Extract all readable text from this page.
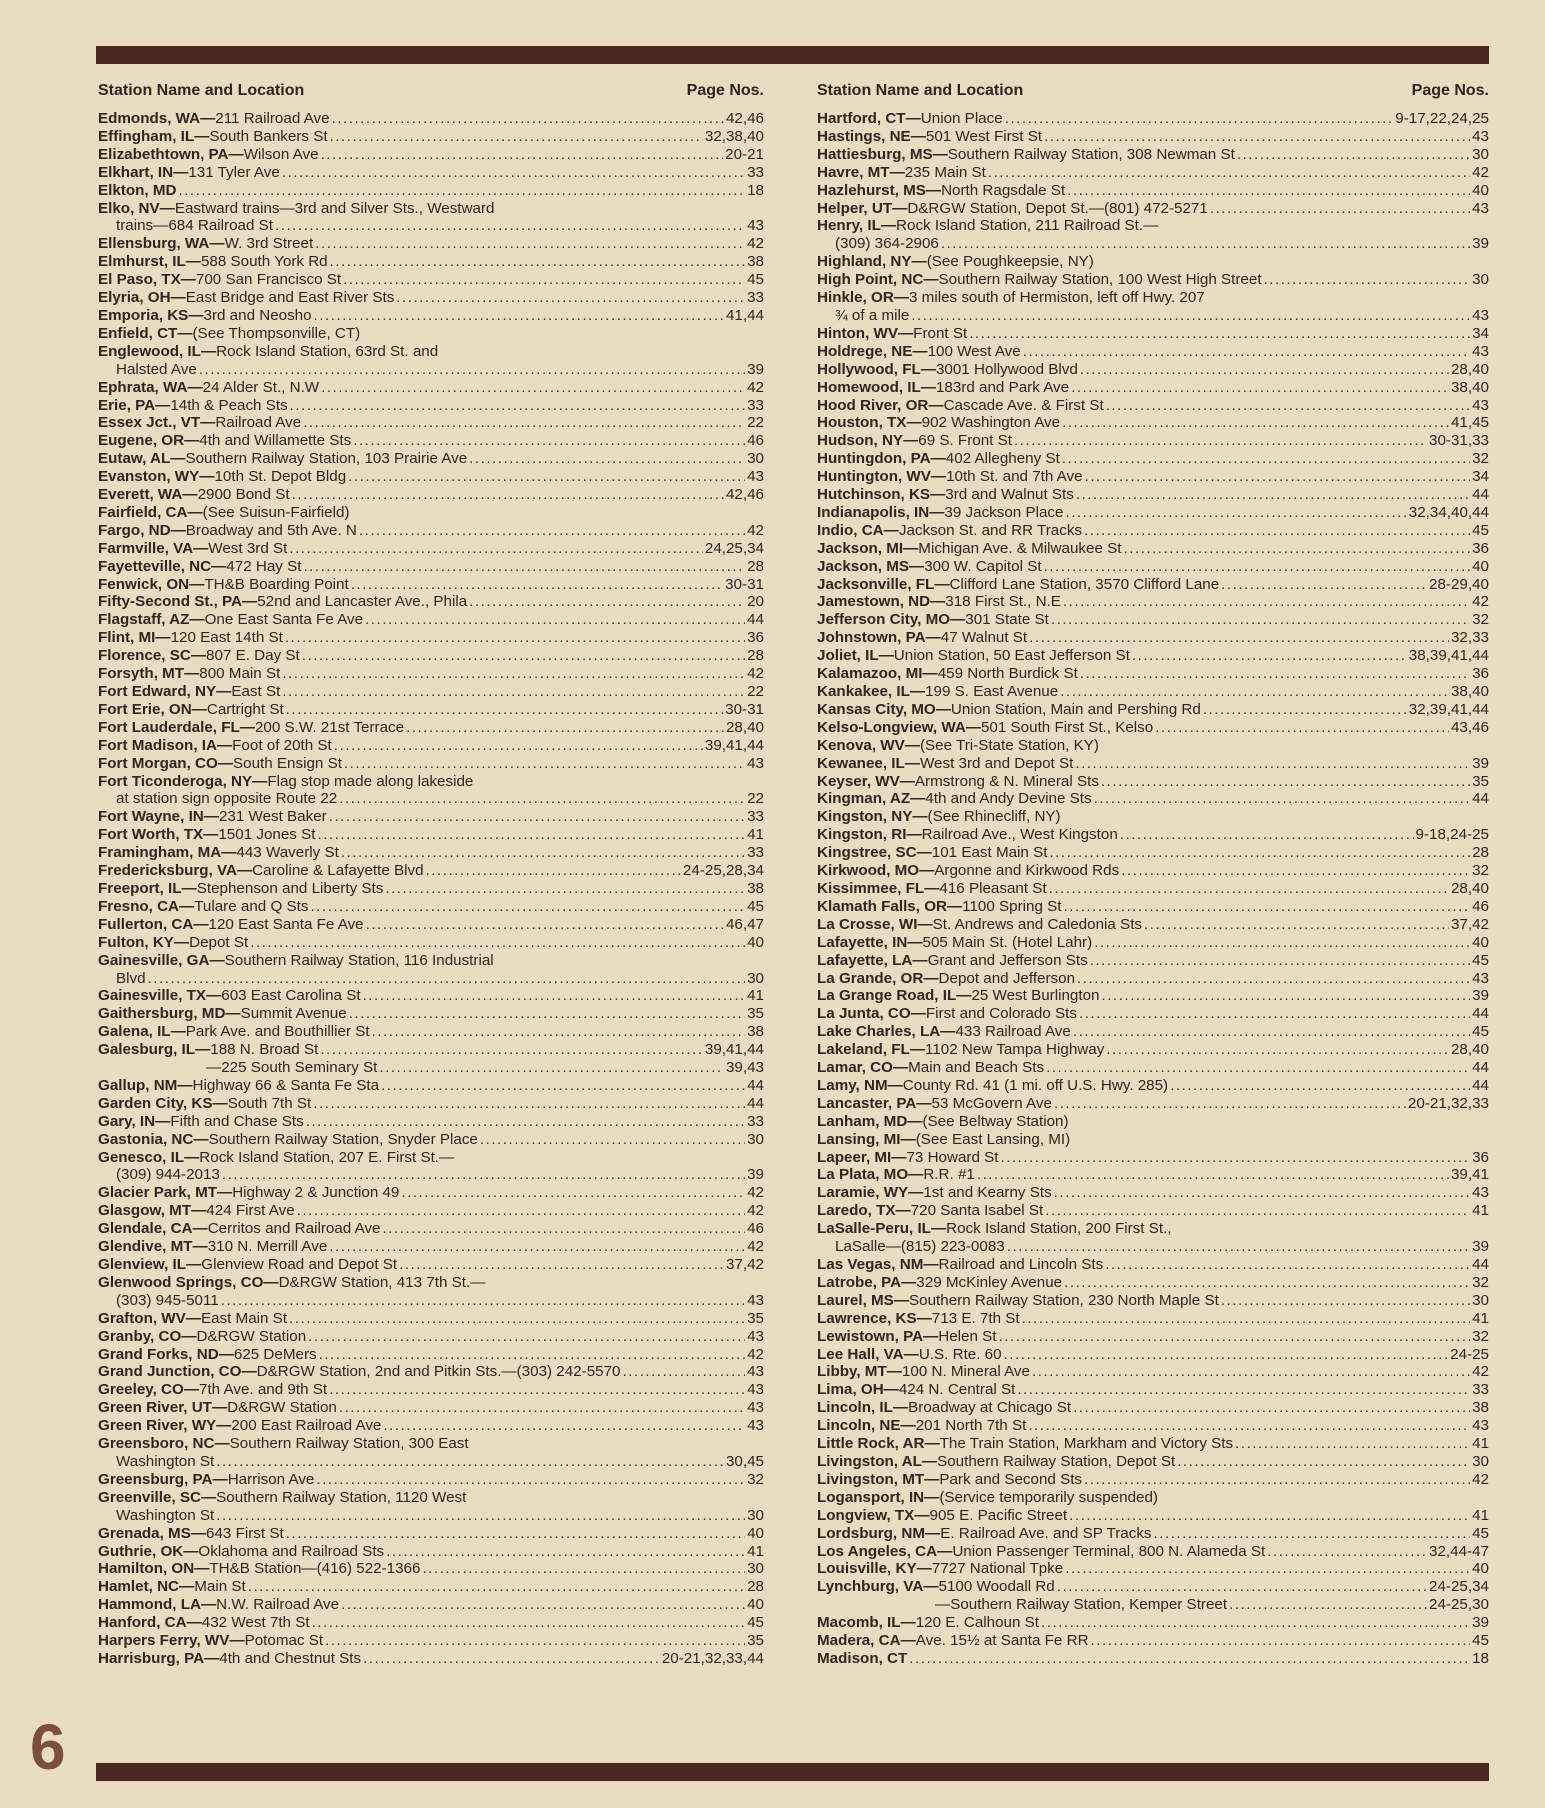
Station Name and Location	Page Nos.
Edmonds, WA—211 Railroad Ave .....	42,46
Effingham, IL—South Bankers St .....	32,38,40
Elizabethtown, PA—Wilson Ave .....	20-21
Elkhart, IN—131 Tyler Ave .....	33
Elkton, MD .....	18
Elko, NV—Eastward trains—3rd and Silver Sts., Westward
trains—684 Railroad St .....	43
Ellensburg, WA—W. 3rd Street .....	42
Elmhurst, IL—588 South York Rd .....	38
El Paso, TX—700 San Francisco St .....	45
Elyria, OH—East Bridge and East River Sts .....	33
Emporia, KS—3rd and Neosho .....	41,44
Enfield, CT—(See Thompsonville, CT)
Englewood, IL—Rock Island Station, 63rd St. and
Halsted Ave .....	39
Ephrata, WA—24 Alder St., N.W .....	42
Erie, PA—14th & Peach Sts .....	33
Essex Jct., VT—Railroad Ave .....	22
Eugene, OR—4th and Willamette Sts .....	46
Eutaw, AL—Southern Railway Station, 103 Prairie Ave .....	30
Evanston, WY—10th St. Depot Bldg .....	43
Everett, WA—2900 Bond St .....	42,46
Fairfield, CA—(See Suisun-Fairfield)
Fargo, ND—Broadway and 5th Ave. N .....	42
Farmville, VA—West 3rd St .....	24,25,34
Fayetteville, NC—472 Hay St .....	28
Fenwick, ON—TH&B Boarding Point .....	30-31
Fifty-Second St., PA—52nd and Lancaster Ave., Phila .....	20
Flagstaff, AZ—One East Santa Fe Ave .....	44
Flint, MI—120 East 14th St .....	36
Florence, SC—807 E. Day St .....	28
Forsyth, MT—800 Main St .....	42
Fort Edward, NY—East St .....	22
Fort Erie, ON—Cartright St .....	30-31
Fort Lauderdale, FL—200 S.W. 21st Terrace .....	28,40
Fort Madison, IA—Foot of 20th St .....	39,41,44
Fort Morgan, CO—South Ensign St .....	43
Fort Ticonderoga, NY—Flag stop made along lakeside
at station sign opposite Route 22 .....	22
Fort Wayne, IN—231 West Baker .....	33
Fort Worth, TX—1501 Jones St .....	41
Framingham, MA—443 Waverly St .....	33
Fredericksburg, VA—Caroline & Lafayette Blvd .....	24-25,28,34
Freeport, IL—Stephenson and Liberty Sts .....	38
Fresno, CA—Tulare and Q Sts .....	45
Fullerton, CA—120 East Santa Fe Ave .....	46,47
Fulton, KY—Depot St .....	40
Gainesville, GA—Southern Railway Station, 116 Industrial
Blvd .....	30
Gainesville, TX—603 East Carolina St .....	41
Gaithersburg, MD—Summit Avenue .....	35
Galena, IL—Park Ave. and Bouthillier St .....	38
Galesburg, IL—188 N. Broad St .....	39,41,44
—225 South Seminary St .....	39,43
Gallup, NM—Highway 66 & Santa Fe Sta .....	44
Garden City, KS—South 7th St .....	44
Gary, IN—Fifth and Chase Sts .....	33
Gastonia, NC—Southern Railway Station, Snyder Place .....	30
Genesco, IL—Rock Island Station, 207 E. First St.—
(309) 944-2013 .....	39
Glacier Park, MT—Highway 2 & Junction 49 .....	42
Glasgow, MT—424 First Ave .....	42
Glendale, CA—Cerritos and Railroad Ave .....	46
Glendive, MT—310 N. Merrill Ave .....	42
Glenview, IL—Glenview Road and Depot St .....	37,42
Glenwood Springs, CO—D&RGW Station, 413 7th St.—
(303) 945-5011 .....	43
Grafton, WV—East Main St .....	35
Granby, CO—D&RGW Station .....	43
Grand Forks, ND—625 DeMers .....	42
Grand Junction, CO—D&RGW Station, 2nd and Pitkin Sts.—(303) 242-5570 .....	43
Greeley, CO—7th Ave. and 9th St .....	43
Green River, UT—D&RGW Station .....	43
Green River, WY—200 East Railroad Ave .....	43
Greensboro, NC—Southern Railway Station, 300 East
Washington St .....	30,45
Greensburg, PA—Harrison Ave .....	32
Greenville, SC—Southern Railway Station, 1120 West
Washington St .....	30
Grenada, MS—643 First St .....	40
Guthrie, OK—Oklahoma and Railroad Sts .....	41
Hamilton, ON—TH&B Station—(416) 522-1366 .....	30
Hamlet, NC—Main St .....	28
Hammond, LA—N.W. Railroad Ave .....	40
Hanford, CA—432 West 7th St .....	45
Harpers Ferry, WV—Potomac St .....	35
Harrisburg, PA—4th and Chestnut Sts .....	20-21,32,33,44
Station Name and Location	Page Nos.
Hartford, CT—Union Place .....	9-17,22,24,25
Hastings, NE—501 West First St .....	43
Hattiesburg, MS—Southern Railway Station, 308 Newman St .....	30
Havre, MT—235 Main St .....	42
Hazlehurst, MS—North Ragsdale St .....	40
Helper, UT—D&RGW Station, Depot St.—(801) 472-5271 .....	43
Henry, IL—Rock Island Station, 211 Railroad St.—
(309) 364-2906 .....	39
Highland, NY—(See Poughkeepsie, NY)
High Point, NC—Southern Railway Station, 100 West High Street .....	30
Hinkle, OR—3 miles south of Hermiston, left off Hwy. 207
¾ of a mile .....	43
Hinton, WV—Front St .....	34
Holdrege, NE—100 West Ave .....	43
Hollywood, FL—3001 Hollywood Blvd .....	28,40
Homewood, IL—183rd and Park Ave .....	38,40
Hood River, OR—Cascade Ave. & First St .....	43
Houston, TX—902 Washington Ave .....	41,45
Hudson, NY—69 S. Front St .....	30-31,33
Huntingdon, PA—402 Allegheny St .....	32
Huntington, WV—10th St. and 7th Ave .....	34
Hutchinson, KS—3rd and Walnut Sts .....	44
Indianapolis, IN—39 Jackson Place .....	32,34,40,44
Indio, CA—Jackson St. and RR Tracks .....	45
Jackson, MI—Michigan Ave. & Milwaukee St .....	36
Jackson, MS—300 W. Capitol St .....	40
Jacksonville, FL—Clifford Lane Station, 3570 Clifford Lane .....	28-29,40
Jamestown, ND—318 First St., N.E .....	42
Jefferson City, MO—301 State St .....	32
Johnstown, PA—47 Walnut St .....	32,33
Joliet, IL—Union Station, 50 East Jefferson St .....	38,39,41,44
Kalamazoo, MI—459 North Burdick St .....	36
Kankakee, IL—199 S. East Avenue .....	38,40
Kansas City, MO—Union Station, Main and Pershing Rd .....	32,39,41,44
Kelso-Longview, WA—501 South First St., Kelso .....	43,46
Kenova, WV—(See Tri-State Station, KY)
Kewanee, IL—West 3rd and Depot St .....	39
Keyser, WV—Armstrong & N. Mineral Sts .....	35
Kingman, AZ—4th and Andy Devine Sts .....	44
Kingston, NY—(See Rhinecliff, NY)
Kingston, RI—Railroad Ave., West Kingston .....	9-18,24-25
Kingstree, SC—101 East Main St .....	28
Kirkwood, MO—Argonne and Kirkwood Rds .....	32
Kissimmee, FL—416 Pleasant St .....	28,40
Klamath Falls, OR—1100 Spring St .....	46
La Crosse, WI—St. Andrews and Caledonia Sts .....	37,42
Lafayette, IN—505 Main St. (Hotel Lahr) .....	40
Lafayette, LA—Grant and Jefferson Sts .....	45
La Grande, OR—Depot and Jefferson .....	43
La Grange Road, IL—25 West Burlington .....	39
La Junta, CO—First and Colorado Sts .....	44
Lake Charles, LA—433 Railroad Ave .....	45
Lakeland, FL—1102 New Tampa Highway .....	28,40
Lamar, CO—Main and Beach Sts .....	44
Lamy, NM—County Rd. 41 (1 mi. off U.S. Hwy. 285) .....	44
Lancaster, PA—53 McGovern Ave .....	20-21,32,33
Lanham, MD—(See Beltway Station)
Lansing, MI—(See East Lansing, MI)
Lapeer, MI—73 Howard St .....	36
La Plata, MO—R.R. #1 .....	39,41
Laramie, WY—1st and Kearny Sts .....	43
Laredo, TX—720 Santa Isabel St .....	41
LaSalle-Peru, IL—Rock Island Station, 200 First St.,
LaSalle—(815) 223-0083 .....	39
Las Vegas, NM—Railroad and Lincoln Sts .....	44
Latrobe, PA—329 McKinley Avenue .....	32
Laurel, MS—Southern Railway Station, 230 North Maple St .....	30
Lawrence, KS—713 E. 7th St .....	41
Lewistown, PA—Helen St .....	32
Lee Hall, VA—U.S. Rte. 60 .....	24-25
Libby, MT—100 N. Mineral Ave .....	42
Lima, OH—424 N. Central St .....	33
Lincoln, IL—Broadway at Chicago St .....	38
Lincoln, NE—201 North 7th St .....	43
Little Rock, AR—The Train Station, Markham and Victory Sts .....	41
Livingston, AL—Southern Railway Station, Depot St .....	30
Livingston, MT—Park and Second Sts .....	42
Logansport, IN—(Service temporarily suspended)
Longview, TX—905 E. Pacific Street .....	41
Lordsburg, NM—E. Railroad Ave. and SP Tracks .....	45
Los Angeles, CA—Union Passenger Terminal, 800 N. Alameda St .....	32,44-47
Louisville, KY—7727 National Tpke .....	40
Lynchburg, VA—5100 Woodall Rd .....	24-25,34
—Southern Railway Station, Kemper Street .....	24-25,30
Macomb, IL—120 E. Calhoun St .....	39
Madera, CA—Ave. 15½ at Santa Fe RR .....	45
Madison, CT .....	18
6
